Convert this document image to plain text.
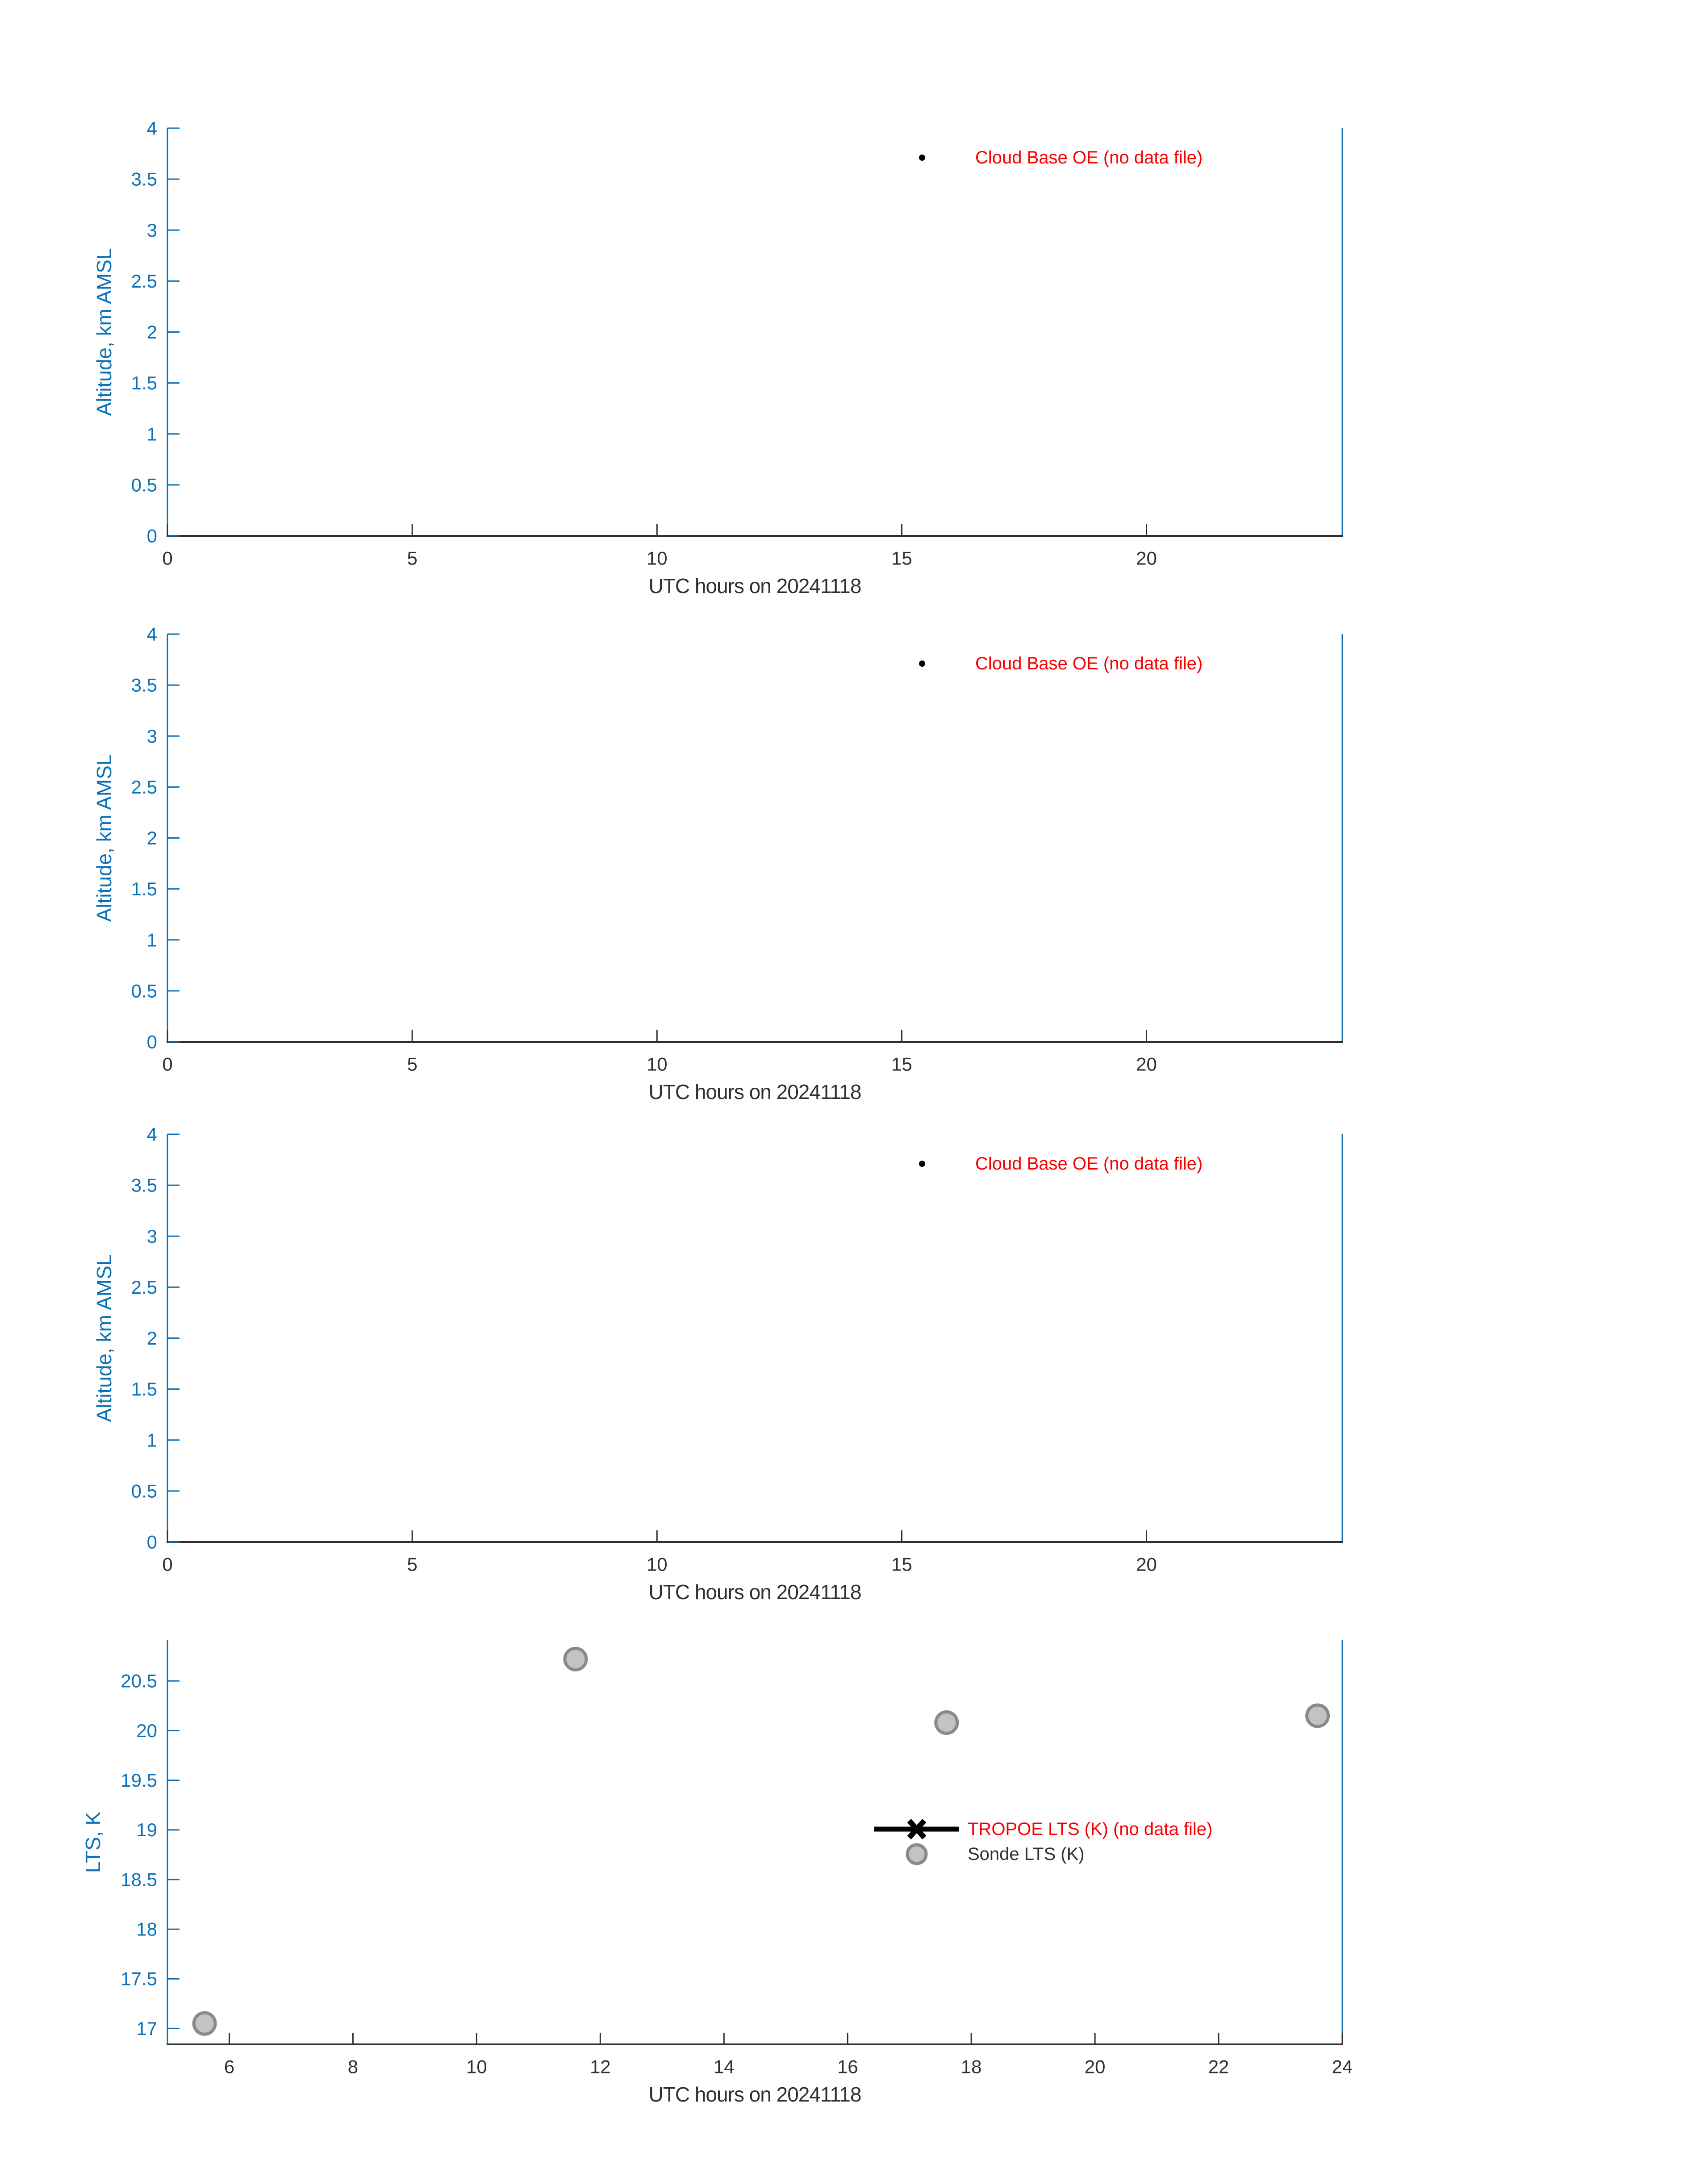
0
0.5
1
1.5
2
2.5
3
3.5
4
0	5	10	15	20
UTC hours on 20241118
Altitude, km AMSL
Cloud Base OE (no data file)
0
0.5
1
1.5
2
2.5
3
3.5
4
0	5	10	15	20
UTC hours on 20241118
Altitude, km AMSL
Cloud Base OE (no data file)
0
0.5
1
1.5
2
2.5
3
3.5
4
0	5	10	15	20
UTC hours on 20241118
Altitude, km AMSL
Cloud Base OE (no data file)
17
17.5
18
18.5
19
19.5
20
20.5
6	8	10	12	14	16	18	20	22	24
UTC hours on 20241118
LTS, K	TROPOE LTS (K) (no data file)
Sonde LTS (K)
